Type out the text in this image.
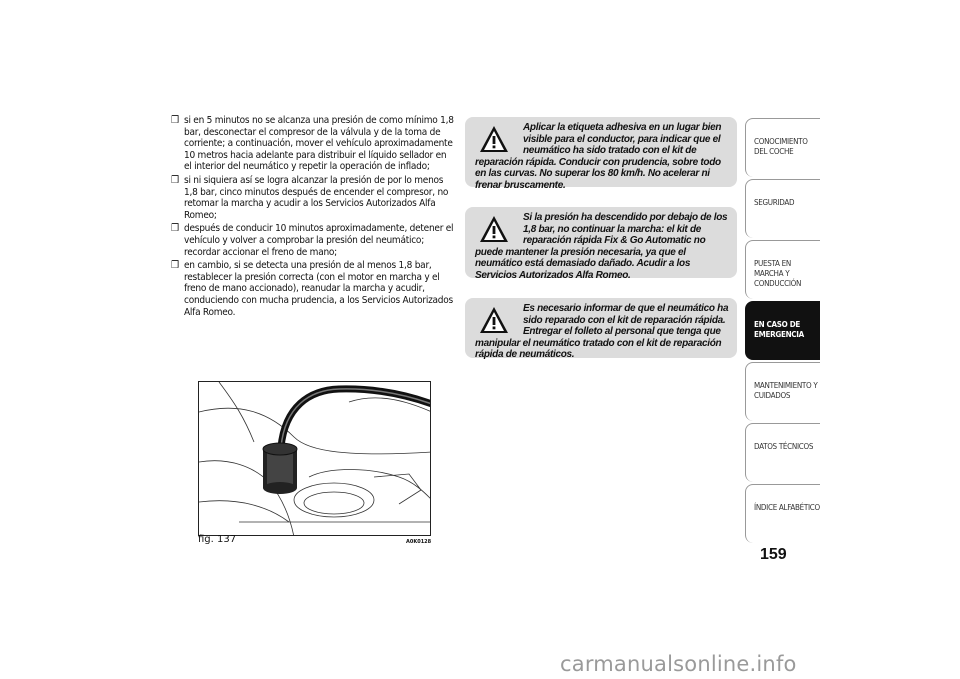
❒ si en 5 minutos no se alcanza una presión de como mínimo 1,8 bar, desconectar el compresor de la válvula y de la toma de corriente; a continuación, mover el vehículo aproximadamente 10 metros hacia adelante para distribuir el líquido sellador en el interior del neumático y repetir la operación de inflado;
❒ si ni siquiera así se logra alcanzar la presión de por lo menos 1,8 bar, cinco minutos después de encender el compresor, no retomar la marcha y acudir a los Servicios Autorizados Alfa Romeo;
❒ después de conducir 10 minutos aproximadamente, detener el vehículo y volver a comprobar la presión del neumático; recordar accionar el freno de mano;
❒ en cambio, si se detecta una presión de al menos 1,8 bar, restablecer la presión correcta (con el motor en marcha y el freno de mano accionado), reanudar la marcha y acudir, conduciendo con mucha prudencia, a los Servicios Autorizados Alfa Romeo.
Aplicar la etiqueta adhesiva en un lugar bien visible para el conductor, para indicar que el neumático ha sido tratado con el kit de reparación rápida. Conducir con prudencia, sobre todo en las curvas. No superar los 80 km/h. No acelerar ni frenar bruscamente.
Si la presión ha descendido por debajo de los 1,8 bar, no continuar la marcha: el kit de reparación rápida Fix & Go Automatic no puede mantener la presión necesaria, ya que el neumático está demasiado dañado. Acudir a los Servicios Autorizados Alfa Romeo.
Es necesario informar de que el neumático ha sido reparado con el kit de reparación rápida. Entregar el folleto al personal que tenga que manipular el neumático tratado con el kit de reparación rápida de neumáticos.
CONOCIMIENTO DEL COCHE
SEGURIDAD
PUESTA EN MARCHA Y CONDUCCIÓN
EN CASO DE EMERGENCIA
MANTENIMIENTO Y CUIDADOS
DATOS TÉCNICOS
ÍNDICE ALFABÉTICO
159
fig. 137	A0K0128
carmanualsonline.info
